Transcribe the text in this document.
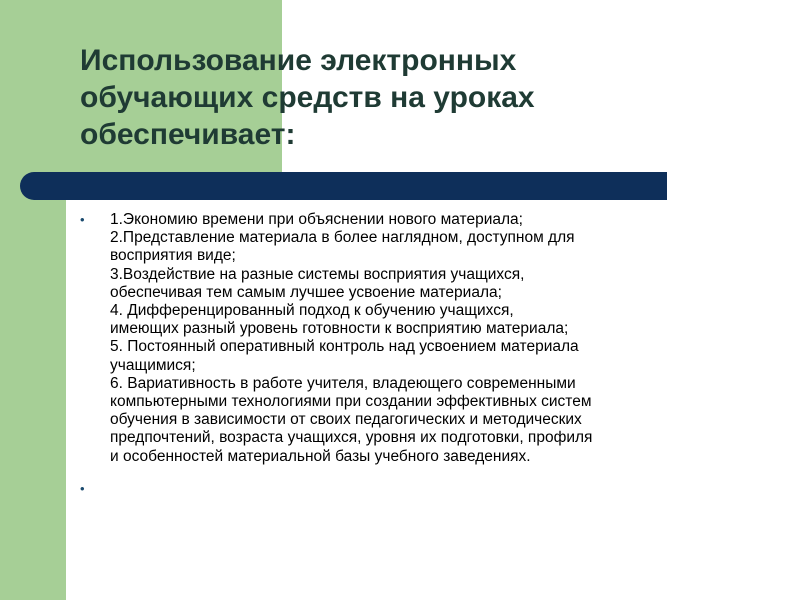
Использование электронных
обучающих средств на уроках
обеспечивает:
• 1.Экономию времени при объяснении нового материала;
2.Представление материала в более наглядном, доступном для
восприятия виде;
3.Воздействие на разные системы восприятия учащихся,
обеспечивая тем самым лучшее усвоение материала;
4. Дифференцированный подход к обучению учащихся,
имеющих разный уровень готовности к восприятию материала;
5. Постоянный оперативный контроль над усвоением материала
учащимися;
6. Вариативность в работе учителя, владеющего современными
компьютерными технологиями при создании эффективных систем
обучения в зависимости от своих педагогических и методических
предпочтений, возраста учащихся, уровня их подготовки, профиля
и особенностей материальной базы учебного заведениях.
•
